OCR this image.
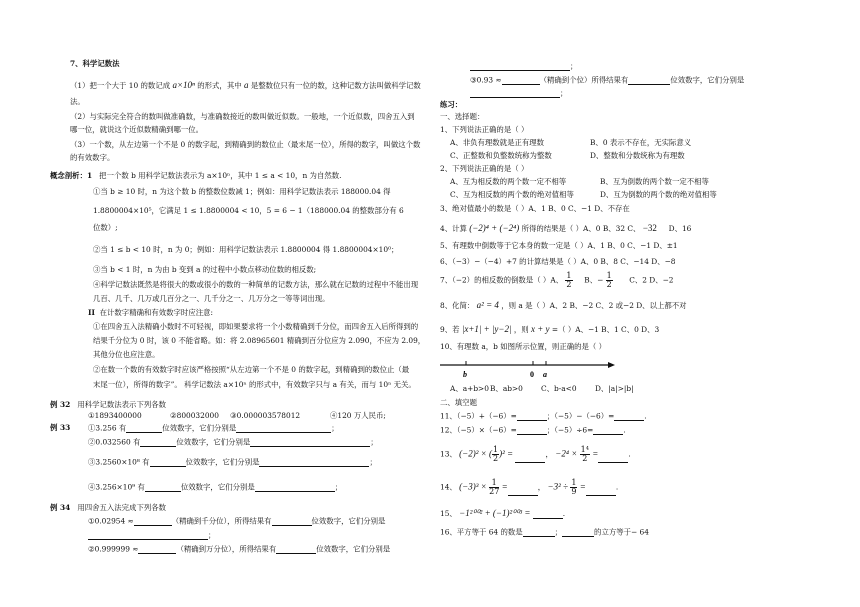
7、科学记数法
（1）把一个大于 10 的数记成 a×10ⁿ 的形式，其中 a 是整数位只有一位的数，这种记数方法叫做科学记数
法。
（2）与实际完全符合的数叫做准确数，与准确数接近的数叫做近似数。一般地，一个近似数，四舍五入到
哪一位，就说这个近似数精确到哪一位。
（3）一个数，从左边第一个不是 0 的数字起，到精确到的数位止（最末尾一位），所得的数字，叫做这个数
的有效数字。
概念剖析：1 把一个数 b 用科学记数法表示为 a×10ⁿ，其中 1 ≤ a < 10，n 为自然数.
①当 b ≥ 10 时，n 为这个数 b 的整数位数减 1；例如：用科学记数法表示 188000.04 得
1.8800004×10⁵，它满足 1 ≤ 1.8800004 < 10，5 = 6 − 1（188000.04 的整数部分有 6
位数）;
②当 1 ≤ b < 10 时，n 为 0；例如：用科学记数法表示 1.8800004 得 1.8800004×10⁰；
③当 b < 1 时，n 为由 b 变到 a 的过程中小数点移动位数的相反数;
④科学记数法既然是将很大的数或很小的数的一种简单的记数方法，那么就在记数的过程中不能出现
几百、几千、几万或几百分之一、几千分之一、几万分之一等等词出现。
II 在计数字精确和有效数字时应注意:
①在四舍五入法精确小数时不可轻视，即如果要求将一个小数精确到千分位，而四舍五入后所得到的
结果千分位为 0 时，该 0 不能省略。如：将 2.08965601 精确到百分位应为 2.090，不应为 2.09，
其他分位也应注意。
②在数一个数的有效数字时应该严格按照“从左边第一个不是 0 的数字起，到精确到的数位止（最
末尾一位），所得的数字”。 科学记数法 a×10ⁿ 的形式中，有效数字只与 a 有关，而与 10ⁿ 无关。
例 32 用科学记数法表示下列各数
①1893400000	②800032000 ③0.000003578012	④120 万人民币;
例 33 ①3.256 有	位效数字，它们分别是	；
②0.032560 有	位效数字，它们分别是	；
③3.2560×10⁸ 有	位效数字，它们分别是	；
④3.256×10⁹ 有	位效数字，它们分别是	；
例 34 用四舍五入法完成下列各数
①0.02954 ≈	（精确到千分位），所得结果有	位效数字，它们分别是
；
②0.999999 ≈	（精确到万分位），所得结果有	位效数字，它们分别是
；
③0.93 ≈	（精确到个位）所得结果有	位效数字，它们分别是
；
练习：
一、选择题：
1、下列说法正确的是（ ）
A、非负有理数就是正有理数	B、0 表示不存在，无实际意义
C、正整数和负整数统称为整数	D、整数和分数统称为有理数
2、下列说法正确的是（ ）
A、互为相反数的两个数一定不相等	B、互为倒数的两个数一定不相等
C、互为相反数的两个数的绝对值相等	D、互为倒数的两个数的绝对值相等
3、绝对值最小的数是（ ）A、1 B、0 C、−1 D、不存在
4、计算 (−2)⁴ + (−2⁴) 所得的结果是（ ）A、0 B、32 C、 −32 D、16
5、有理数中倒数等于它本身的数一定是（ ）A、1 B、0 C、−1 D、±1
6、（−3）−（−4）+7 的计算结果是（ ）A、0 B、8 C、−14 D、−8
7、（−2）的相反数的倒数是（ ）A、 $\frac{1}{2}$ B、− $\frac{1}{2}$ C、2 D、−2
8、化简： a² = 4 ，则 a 是（ ）A、2 B、−2 C、2 或−2 D、以上都不对
9、若 |x+1| + |y−2| ，则 x + y =（ ）A、−1 B、1 C、0 D、3
10、有理数 a，b 如图所示位置，则正确的是（ ）
b	0 a
A、a+b>0 B、ab>0 C、b-a<0 D、|a|>|b|
二、填空题
11、（−5）+（−6）=	；（−5）−（−6）=	.
12、（−5）×（−6）=	；（−5）÷6=	.
13、 (−2)² × ( $\frac{1}{2} )^2$ =	， $-2^4 \times \frac{\text{1⁴}}{2}$ =	.
14、 $(-3)^3 \times \frac{1}{27}$ =	， $-3^2 \div \frac{1}{9}$ =	.
15、 −1²⁰⁰² + (−1)²⁰⁰³ =	.
16、平方等于 64 的数是	；	的立方等于− 64
